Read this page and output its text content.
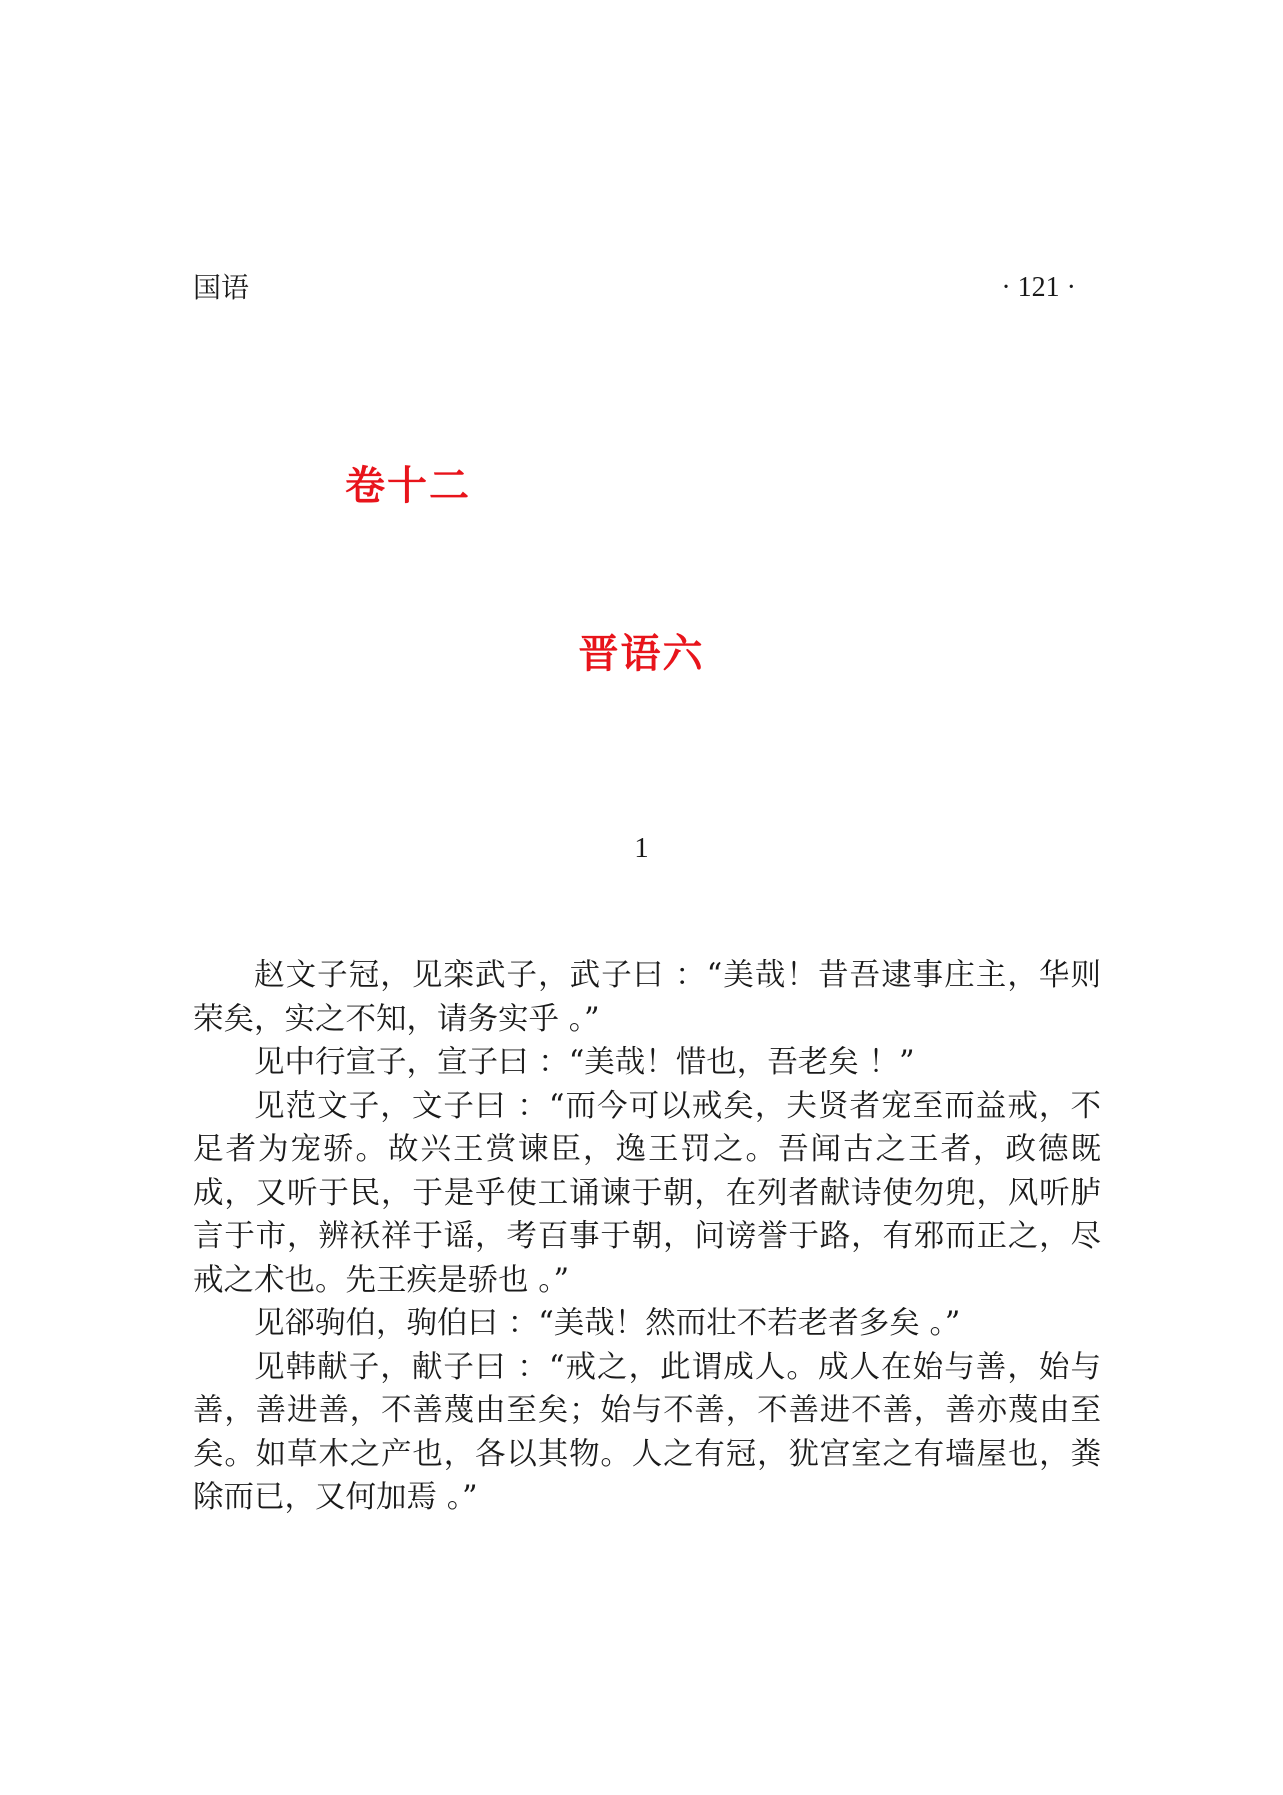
国语	· 121 ·
卷十二
晋语六
1

赵文子冠，见栾武子，武子曰 ：“美哉！昔吾逮事庄主，华则荣矣，实之不知，请务实乎 。”

见中行宣子，宣子曰 ：“美哉！惜也，吾老矣 ！”

见范文子，文子曰 ：“而今可以戒矣，夫贤者宠至而益戒，不足者为宠骄。故兴王赏谏臣，逸王罚之。吾闻古之王者，政德既成，又听于民，于是乎使工诵谏于朝，在列者献诗使勿兜，风听胪言于市，辨袄祥于谣，考百事于朝，问谤誉于路，有邪而正之，尽戒之术也。先王疾是骄也 。”

见郤驹伯，驹伯曰 ：“美哉！然而壮不若老者多矣 。”

见韩献子，献子曰 ：“戒之，此谓成人。成人在始与善，始与善，善进善，不善蔑由至矣；始与不善，不善进不善，善亦蔑由至矣。如草木之产也，各以其物。人之有冠，犹宫室之有墙屋也，粪除而已，又何加焉 。”
